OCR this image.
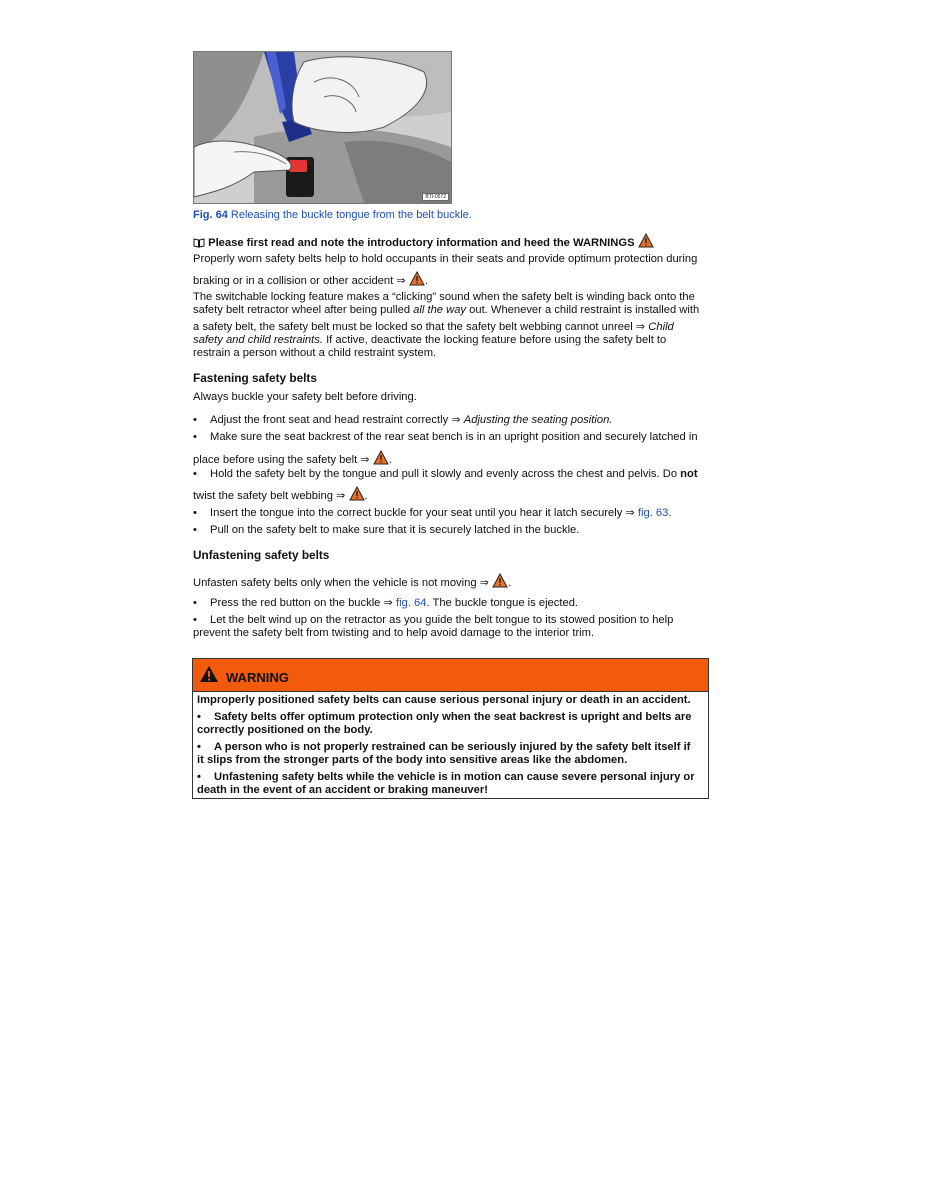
BTI-0572
Fig. 64 Releasing the buckle tongue from the belt buckle.
Please first read and note the introductory information and heed the WARNINGS
Properly worn safety belts help to hold occupants in their seats and provide optimum protection during
braking or in a collision or other accident ⇒ .
The switchable locking feature makes a “clicking” sound when the safety belt is winding back onto the
safety belt retractor wheel after being pulled all the way out. Whenever a child restraint is installed with
a safety belt, the safety belt must be locked so that the safety belt webbing cannot unreel ⇒ Child
safety and child restraints. If active, deactivate the locking feature before using the safety belt to
restrain a person without a child restraint system.
Fastening safety belts
Always buckle your safety belt before driving.
• Adjust the front seat and head restraint correctly ⇒ Adjusting the seating position.
• Make sure the seat backrest of the rear seat bench is in an upright position and securely latched in
place before using the safety belt ⇒ .
• Hold the safety belt by the tongue and pull it slowly and evenly across the chest and pelvis. Do not
twist the safety belt webbing ⇒ .
• Insert the tongue into the correct buckle for your seat until you hear it latch securely ⇒ fig. 63.
• Pull on the safety belt to make sure that it is securely latched in the buckle.
Unfastening safety belts
Unfasten safety belts only when the vehicle is not moving ⇒ .
• Press the red button on the buckle ⇒ fig. 64. The buckle tongue is ejected.
• Let the belt wind up on the retractor as you guide the belt tongue to its stowed position to help
prevent the safety belt from twisting and to help avoid damage to the interior trim.
WARNING
Improperly positioned safety belts can cause serious personal injury or death in an accident.
• Safety belts offer optimum protection only when the seat backrest is upright and belts are
correctly positioned on the body.
• A person who is not properly restrained can be seriously injured by the safety belt itself if
it slips from the stronger parts of the body into sensitive areas like the abdomen.
• Unfastening safety belts while the vehicle is in motion can cause severe personal injury or
death in the event of an accident or braking maneuver!
